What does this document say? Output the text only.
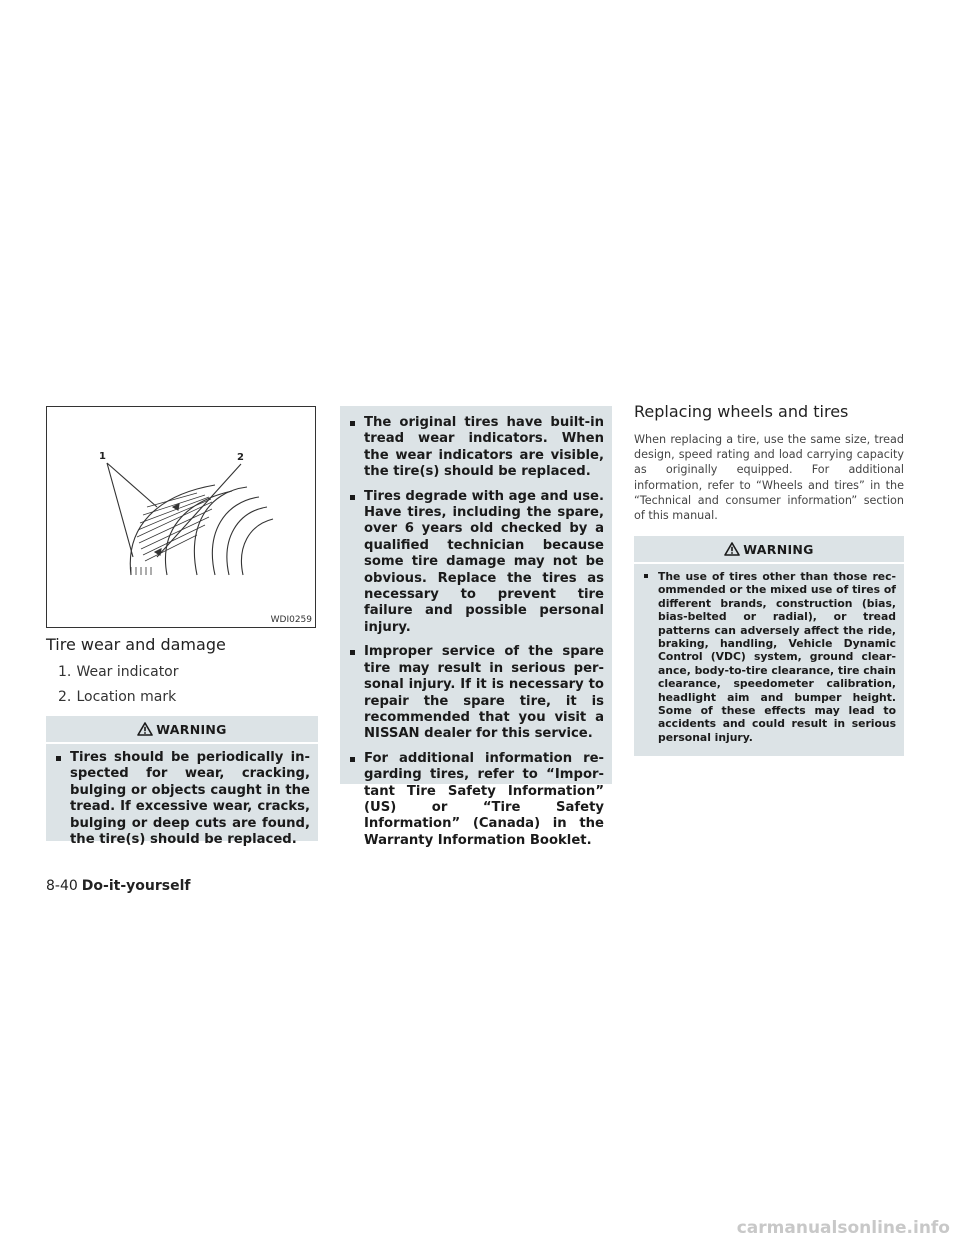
1	2
WDI0259
Tire wear and damage
1. Wear indicator
2. Location mark
WARNING
Tires should be periodically inspected for wear, cracking, bulging or objects caught in the tread. If excessive wear, cracks, bulging or deep cuts are found, the tire(s) should be replaced.
The original tires have built-in tread wear indicators. When the wear indicators are visible, the tire(s) should be replaced.
Tires degrade with age and use. Have tires, including the spare, over 6 years old checked by a qualified technician because some tire damage may not be obvious. Replace the tires as necessary to prevent tire failure and possible personal injury.
Improper service of the spare tire may result in serious personal injury. If it is necessary to repair the spare tire, it is recommended that you visit a NISSAN dealer for this service.
For additional information regarding tires, refer to “Important Tire Safety Information” (US) or “Tire Safety Information” (Canada) in the Warranty Information Booklet.
Replacing wheels and tires

When replacing a tire, use the same size, tread design, speed rating and load carrying capacity as originally equipped. For additional information, refer to “Wheels and tires” in the “Technical and consumer information” section of this manual.

WARNING
The use of tires other than those recommended or the mixed use of tires of different brands, construction (bias, bias-belted or radial), or tread patterns can adversely affect the ride, braking, handling, Vehicle Dynamic Control (VDC) system, ground clearance, body-to-tire clearance, tire chain clearance, speedometer calibration, headlight aim and bumper height. Some of these effects may lead to accidents and could result in serious personal injury.
8-40 Do-it-yourself
carmanualsonline.info
